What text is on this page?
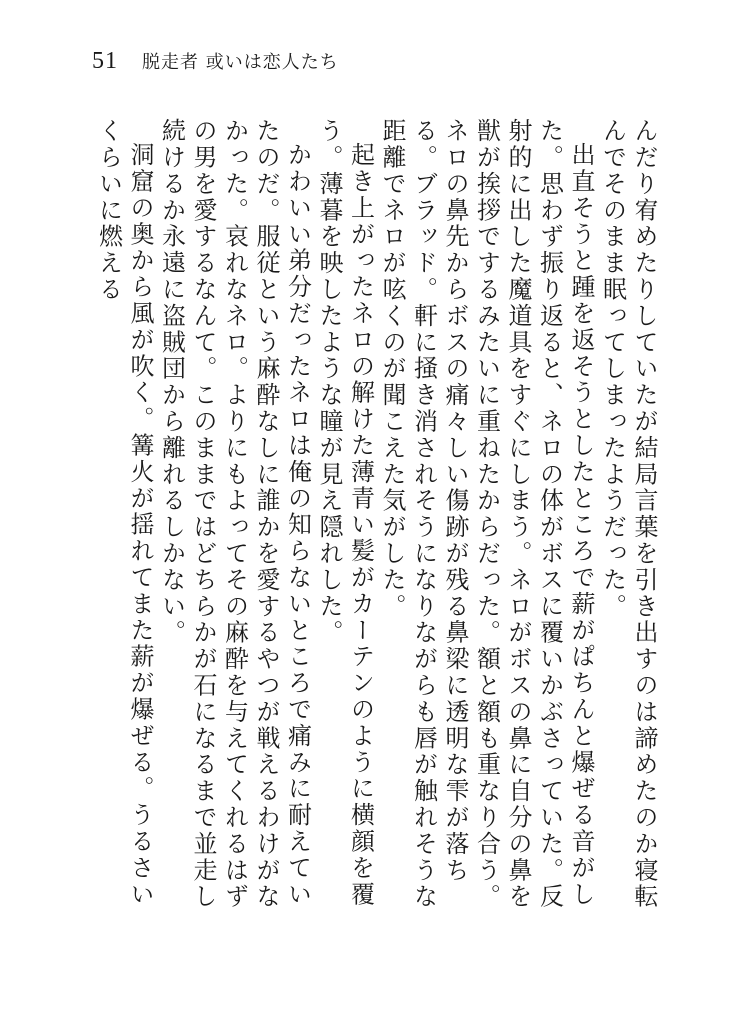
51 脱走者 或いは恋人たち

んだり宥めたりしていたが結局言葉を引き出すのは諦めたのか寝転んでそのまま眠ってしまったようだった。

出直そうと踵を返そうとしたところで薪がぱちんと爆ぜる音がした。思わず振り返ると、ネロの体がボスに覆いかぶさっていた。反射的に出した魔道具をすぐにしまう。ネロがボスの鼻に自分の鼻を獣が挨拶でするみたいに重ねたからだった。額と額も重なり合う。ネロの鼻先からボスの痛々しい傷跡が残る鼻梁に透明な雫が落ちる。ブラッド。軒に掻き消されそうになりながらも唇が触れそうな距離でネロが呟くのが聞こえた気がした。

起き上がったネロの解けた薄青い髪がカーテンのように横顔を覆う。薄暮を映したような瞳が見え隠れした。

かわいい弟分だったネロは俺の知らないところで痛みに耐えていたのだ。服従という麻酔なしに誰かを愛するやつが戦えるわけがなかった。哀れなネロ。よりにもよってその麻酔を与えてくれるはずの男を愛するなんて。このままではどちらかが石になるまで並走し続けるか永遠に盗賊団から離れるしかない。

洞窟の奥から風が吹く。篝火が揺れてまた薪が爆ぜる。うるさいくらいに燃える
